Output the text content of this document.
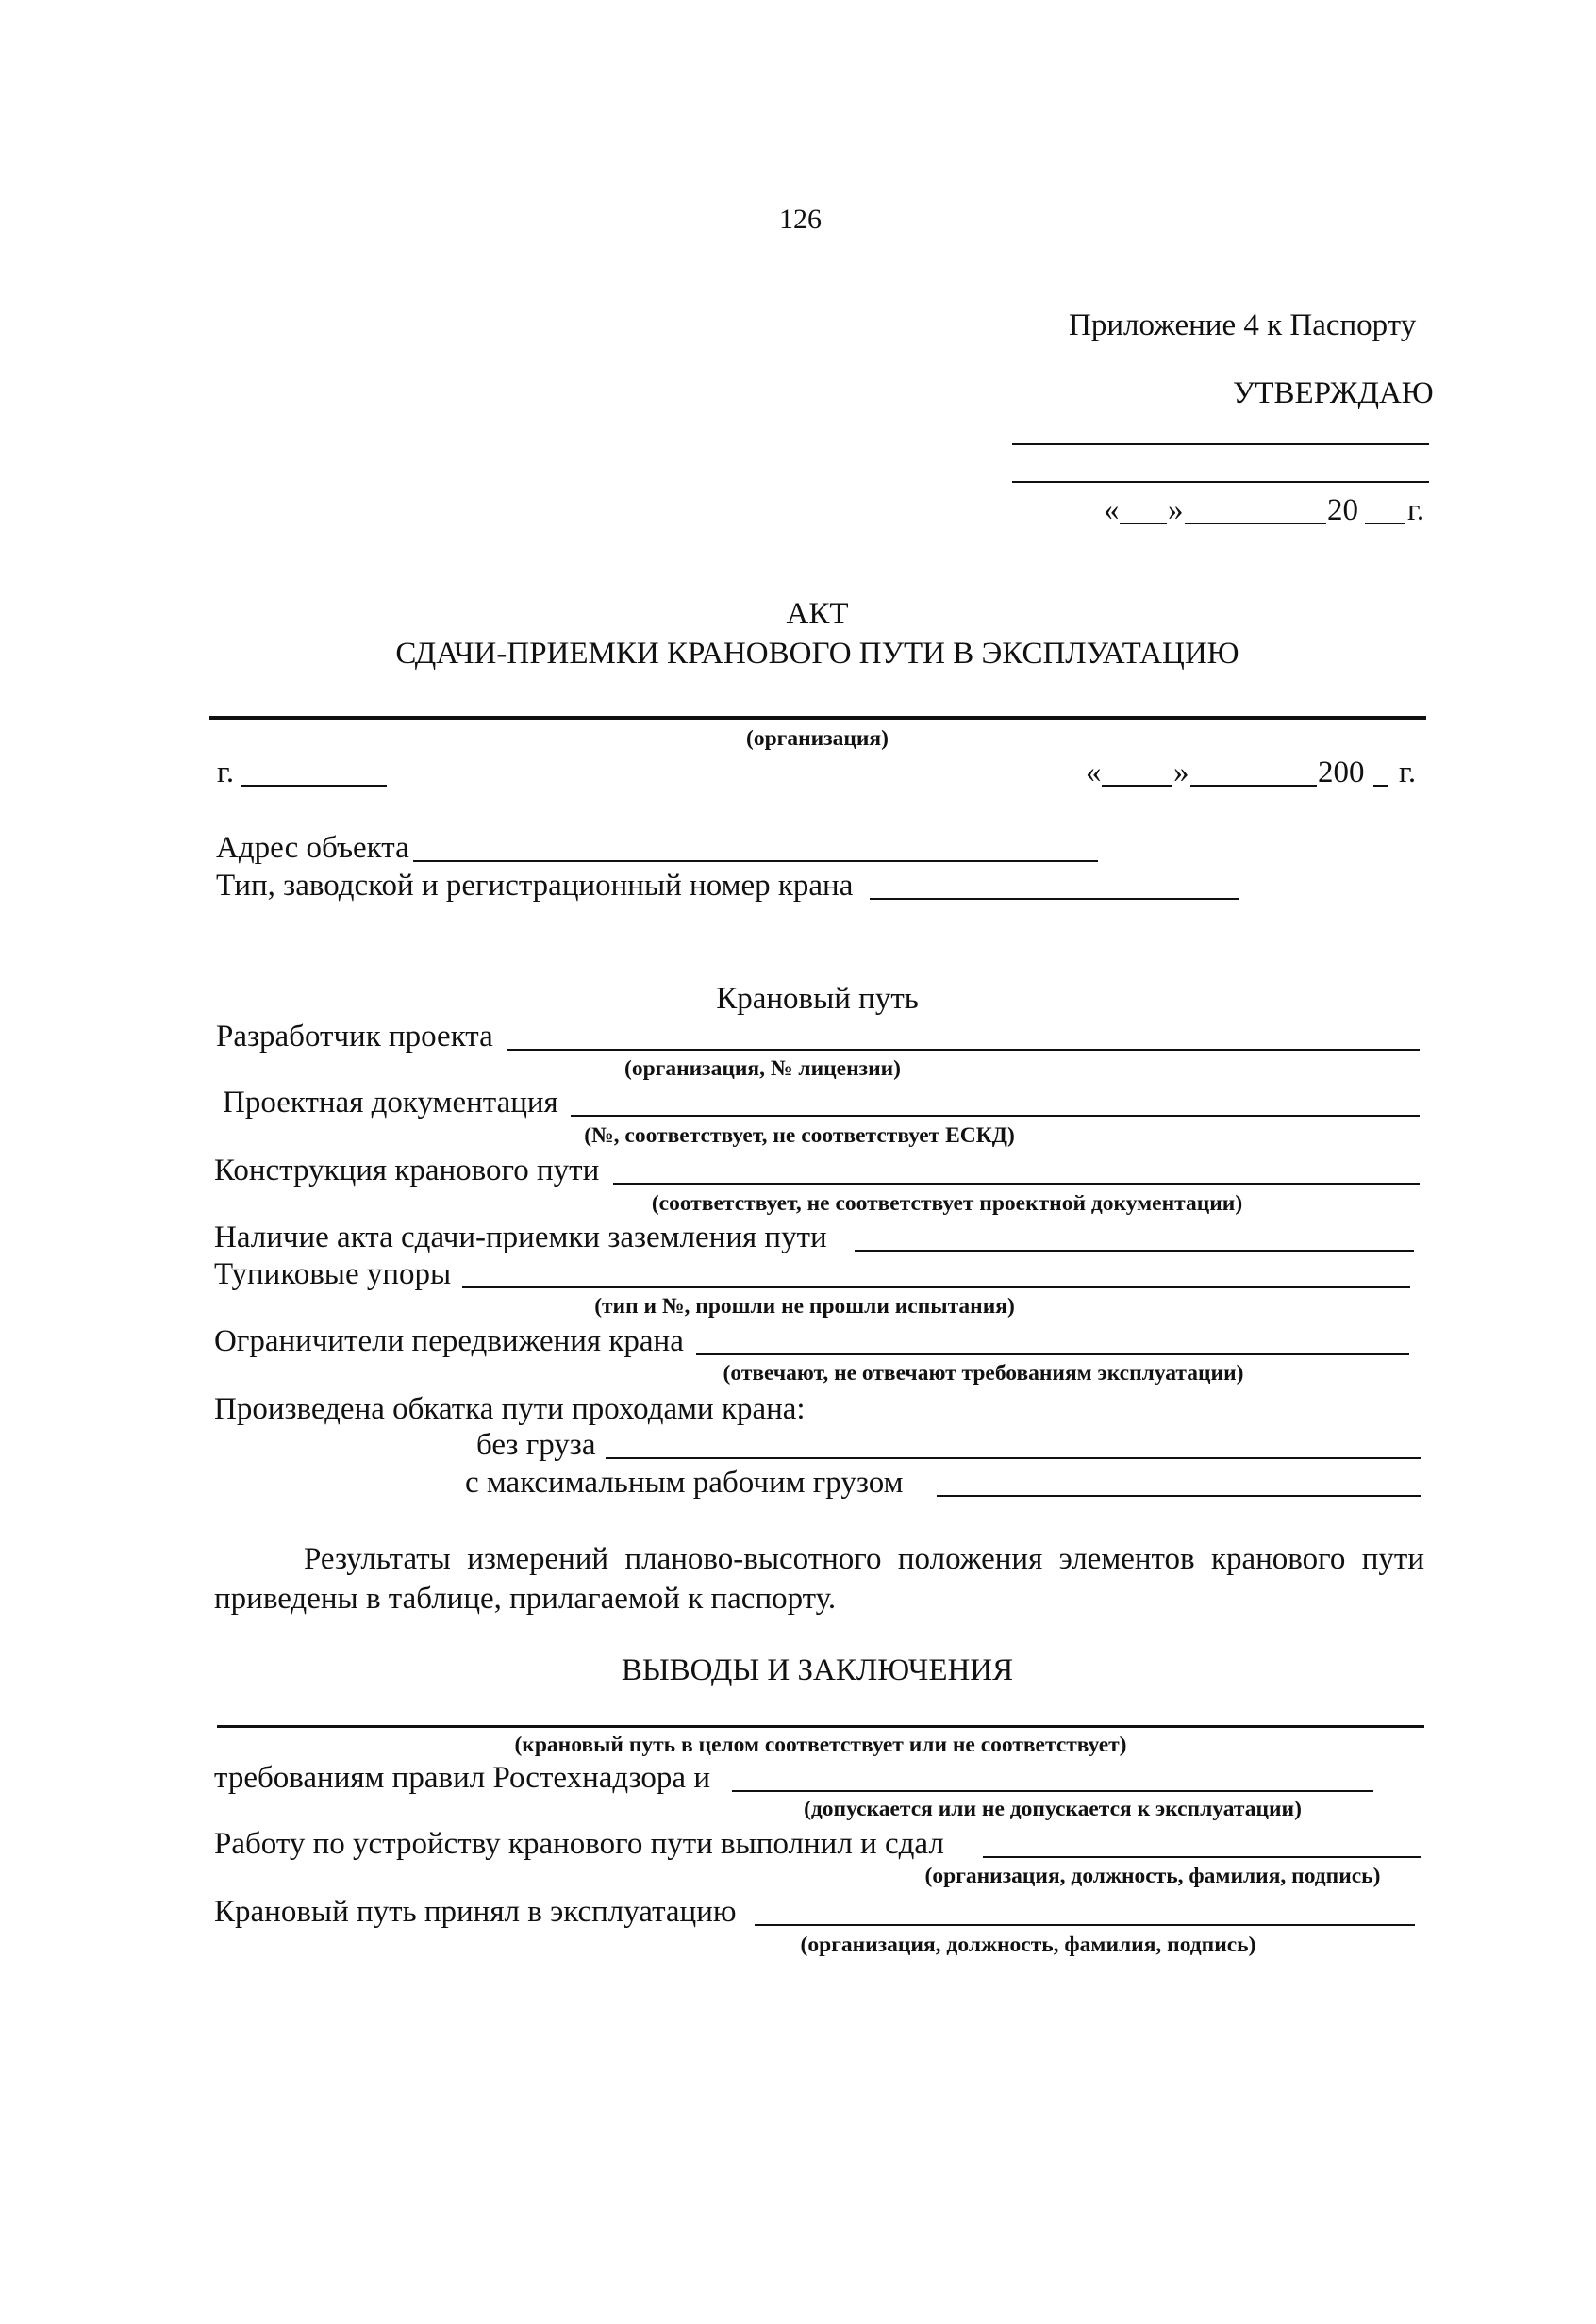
126
Приложение 4 к Паспорту
УТВЕРЖДАЮ
« »	20 г.
АКТ
СДАЧИ-ПРИЕМКИ КРАНОВОГО ПУТИ В ЭКСПЛУАТАЦИЮ
(организация)
г.	« »	200 г.
Адрес объекта
Тип, заводской и регистрационный номер крана
Крановый путь
Разработчик проекта
(организация, № лицензии)
Проектная документация
(№, соответствует, не соответствует ЕСКД)
Конструкция кранового пути
(соответствует, не соответствует проектной документации)
Наличие акта сдачи-приемки заземления пути
Тупиковые упоры
(тип и №, прошли не прошли испытания)
Ограничители передвижения крана
(отвечают, не отвечают требованиям эксплуатации)
Произведена обкатка пути проходами крана:
без груза
с максимальным рабочим грузом
Результаты измерений планово-высотного положения элементов кранового пути приведены в таблице, прилагаемой к паспорту.
ВЫВОДЫ И ЗАКЛЮЧЕНИЯ
(крановый путь в целом соответствует или не соответствует)
требованиям правил Ростехнадзора и
(допускается или не допускается к эксплуатации)
Работу по устройству кранового пути выполнил и сдал
(организация, должность, фамилия, подпись)
Крановый путь принял в эксплуатацию
(организация, должность, фамилия, подпись)
